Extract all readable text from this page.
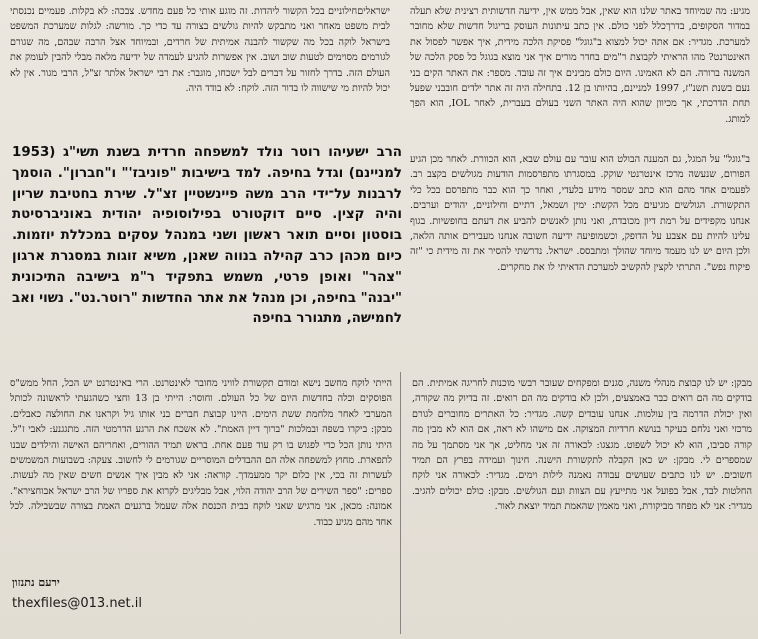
מגיע: מה שמיוחד באתר שלנו הוא שאין, אבל ממש אין, ידיעה חדשותית רצינית שלא תעלה במדור הסקופים, בדרך‏‏‏כלל לפני כולם. אין כתב עיתונות העוסק בריגול חדשות שלא מחובר למערכת. מגדיר: אם אתה יכול למצוא ב"גוגל" פסיקת הלכה מידית, איך אפשר לפסול את האינטרנט? מהו הראיתי לקבוצת ר"מים בחדר מורים איך אני מוצא בגוגל כל פסק הלכה של המשנה ברורה. הם לא האמינו. היום כולם מבינים איך זה עובד. מספר: את האתר הקים בני נעם בשנת תשנ"ז, 1997 למניינם, בהיותו בן 12. בתחילה היה זה אתר ילדים חובבני שפעל תחת הדרכתי, אך מכיוון שהוא היה האתר השני בעולם בעברית, לאחר IOL, הוא הפך למותג.

ישראלים‏‏חילוניים בכל הקשור ליהדות. זה מוגע אותי כל פעם מחדש. צבכה: לא בקלות. פעמיים נכנסתי לבית משפט מאחר ואני מתבקש להיות גולשים בצורה עד כדי כך. מורשה: לגלות שמערכת המשפט בישראל לוקה בכל מה שקשור להבנה אמיתית של חרדים, ובמיוחד אצל הרבה שבהם, מה שגורם לגורמים מסוימים לטעות שוב ושוב. אין אפשרות להגיע לעמדה של ידיעה מלאה מבלי להבין לעומק את העולם הזה. בדרך לחזור על דברים לבל ישכחו, מוגבר: את רבי ישראל אלתר זצ"ל, הרבי מגור. אין לא יכול להיות מי שישווה לו בדור הזה. לוקח: לא בודד היה.

הרב ישעיהו רוטר נולד למשפחה חרדית בשנת תשי"ג (1953 למניינם) וגדל בחיפה. למד בישיבות "פוניבז'" ו"חברון". הוסמך לרבנות על־ידי הרב משה פיינשטיין זצ"ל. שירת בחטיבת שריון והיה קצין. סיים דוקטורט בפילוסופיה יהודית באוניברסיטת בוסטון וסיים תואר ראשון ושני במנהל עסקים במכללת יוזמות. כיום מכהן כרב קהילה בנווה שאנן, משיא זוגות במסגרת ארגון "צהר" ואופן פרטי, משמש בתפקיד ר"מ בישיבה התיכונית "יבנה" בחיפה, וכן מנהל את אתר החדשות "רוטר.נט". נשוי ואב לחמישה, מתגורר בחיפה

ב"גוגל" על המגל, גם המענה הבולט הוא עובר עם עולם שבא, הוא הכוורת. לאחר מכן הגיע הפורום, שנעשה מרכז אינטרנטי שוקק. במסגרתו מתפרסמות הודעות מגולשים בקצב רב. לפעמים אחד מהם הוא כתב שמסר מידע בלעדי, ואחר כך הוא כבר מתפרסם בכל כלי התקשורת. הגולשים מגיעים מכל הקשת: ימין ושמאל, דתיים וחילוניים, יהודים וערבים. אנחנו מקפידים על רמת דיון מכובדת, ואני נותן לאנשים להביע את דעתם בחופשיות. בגוף עלינו להיות עם אצבע על הדופק, וכשמופיעה ידיעה חשובה אנחנו מעבירים אותה הלאה, ולכן היום יש לנו מעמד מיוחד שהולך ומתבסס. ישראל. נדרשתי להסיר את זה מידית כי "זה פיקוח נפש". התרתי לקצין להקשיב למערכת הדאיתי לו את מחקרים.

מבקן: יש לנו קבוצת מנהלי משנה, סגנים ומפקחים שעובר רבשי מוכנות לחריגה אמיתית. הם בודקים מה הם רואים כבר באמצעים, ולכן לא בודקים מה הם רואים. זה בדיוק מה שקורה, ואין יכולת הדרמה בין עולמות. אנחנו עובדים קשה. מגדיר: כל האתרים מחוברים לגורם מרכזי ואני נלחם בעיקר בנושא חרדיות המצוקה. אם מישהו לא ראה, אם הוא לא מבין מה קורה סביבו, הוא לא יכול לשפוט. מגצגו: לכאורה זה אני מחליט, אך אני מסתמך על מה שמספרים לי. מבקן: יש כאן הקבלה לתקשורת הישנה. חינוך ועמידה בפרץ הם תמיד חשובים. יש לנו כתבים שעושים עבודה נאמנה לילות וימים. מגדיר: לכאורה אני לוקח החלטות לבד, אבל בפועל אני מתייעץ עם הצוות ועם הגולשים. מבקן: כולם יכולים להגיב. מגדיר: אני לא מפחד מביקורת, ואני מאמין שהאמת תמיד יוצאת לאור.

הייתי לוקח מחשב נישא ומודם תקשורת לוויני מחובר לאינטרנט. הרי באינטרנט יש הכל, החל ממש"ס הפוסקים וכלה בחדשות היום של כל העולם. וחוסר: הייתי בן 13 וחצי כשהגעתי לראשונה לכותל המערבי לאחר מלחמת ששת הימים. היינו קבוצת חברים בני אותו גיל וקראנו את החולצה כאבלים. מבקן: ביקרו בשפה ובמלכות "ברוך דיין האמת". לא אשכח את הרגע הדרמטי הזה. מתגגנע: לאבי ז"ל. היתי נותן הכל כדי לפגוש בו רק עוד פעם אחת. בראש תמיד ההורים, ואחריהם האישה והילדים שבנו לתפארת. מחוץ למשפחה אלה הם ההבדלים המוסריים שגורמים לי לחשוב. צעקה: בשבועות המשמשים לעשרות זה בכי, אין כלום יקר ממעמדך. קוראה: אני לא מבין איך אנשים חשים שאין מה לעשות. ספרים: "ספר השירים של הרב יהודה הלוי, אבל מבליגים לקרוא את ספריו של הרב ישראל אבוחצירא". אמונה: מכאן, אני מרגיש שאני לוקח בבית הכנסת אלה שעמל ברגעים האמת בצורה שבשבילה. לכל אחד מהם מגיע כבוד.

ירעם נתנזון
thexfiles@013.net.il
